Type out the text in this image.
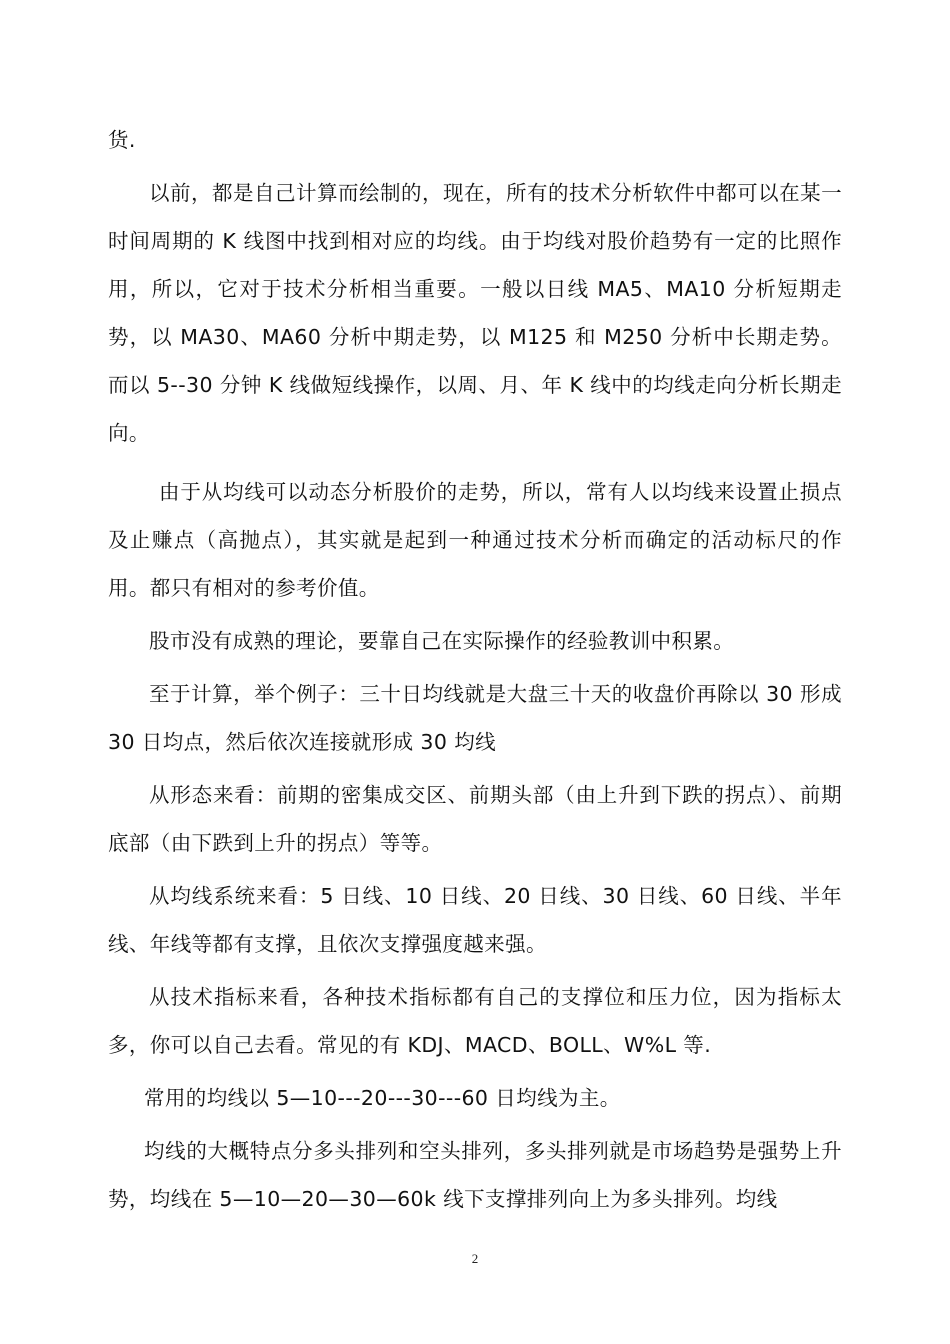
货.

以前，都是自己计算而绘制的，现在，所有的技术分析软件中都可以在某一时间周期的 K 线图中找到相对应的均线。由于均线对股价趋势有一定的比照作用，所以，它对于技术分析相当重要。一般以日线 MA5、MA10 分析短期走势，以 MA30、MA60 分析中期走势，以 M125 和 M250 分析中长期走势。而以 5--30 分钟 K 线做短线操作，以周、月、年 K 线中的均线走向分析长期走向。

由于从均线可以动态分析股价的走势，所以，常有人以均线来设置止损点及止赚点（高抛点），其实就是起到一种通过技术分析而确定的活动标尺的作用。都只有相对的参考价值。

股市没有成熟的理论，要靠自己在实际操作的经验教训中积累。

至于计算，举个例子：三十日均线就是大盘三十天的收盘价再除以 30 形成 30 日均点，然后依次连接就形成 30 均线

从形态来看：前期的密集成交区、前期头部（由上升到下跌的拐点）、前期底部（由下跌到上升的拐点）等等。

从均线系统来看：5 日线、10 日线、20 日线、30 日线、60 日线、半年线、年线等都有支撑，且依次支撑强度越来强。

从技术指标来看，各种技术指标都有自己的支撑位和压力位，因为指标太多，你可以自己去看。常见的有 KDJ、MACD、BOLL、W%L 等.

常用的均线以 5—10---20---30---60 日均线为主。

均线的大概特点分多头排列和空头排列，多头排列就是市场趋势是强势上升势，均线在 5—10—20—30—60k 线下支撑排列向上为多头排列。均线

2
